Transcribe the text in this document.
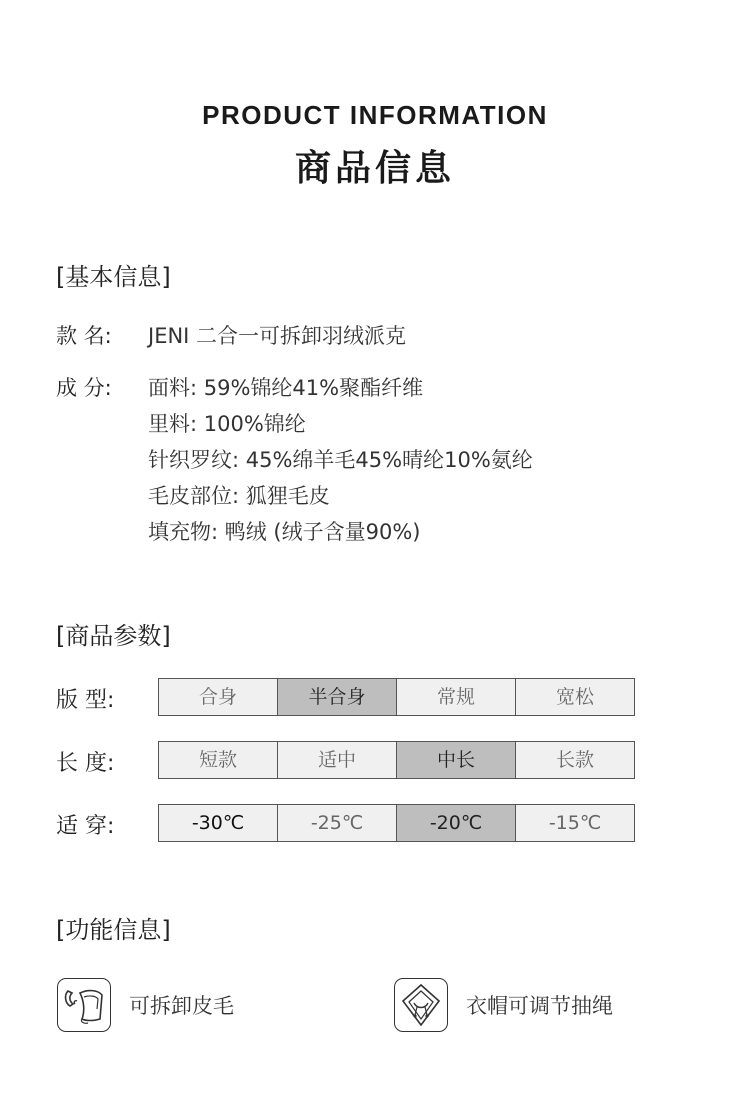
PRODUCT INFORMATION
商品信息
[基本信息]
款 名:	JENI 二合一可拆卸羽绒派克
成 分:	面料: 59%锦纶41%聚酯纤维
里料: 100%锦纶
针织罗纹: 45%绵羊毛45%晴纶10%氨纶
毛皮部位: 狐狸毛皮
填充物: 鸭绒 (绒子含量90%)
[商品参数]
版 型:	合身	半合身	常规	宽松
长 度:	短款	适中	中长	长款
适 穿:	-30℃	-25℃	-20℃	-15℃
[功能信息]
可拆卸皮毛	衣帽可调节抽绳
